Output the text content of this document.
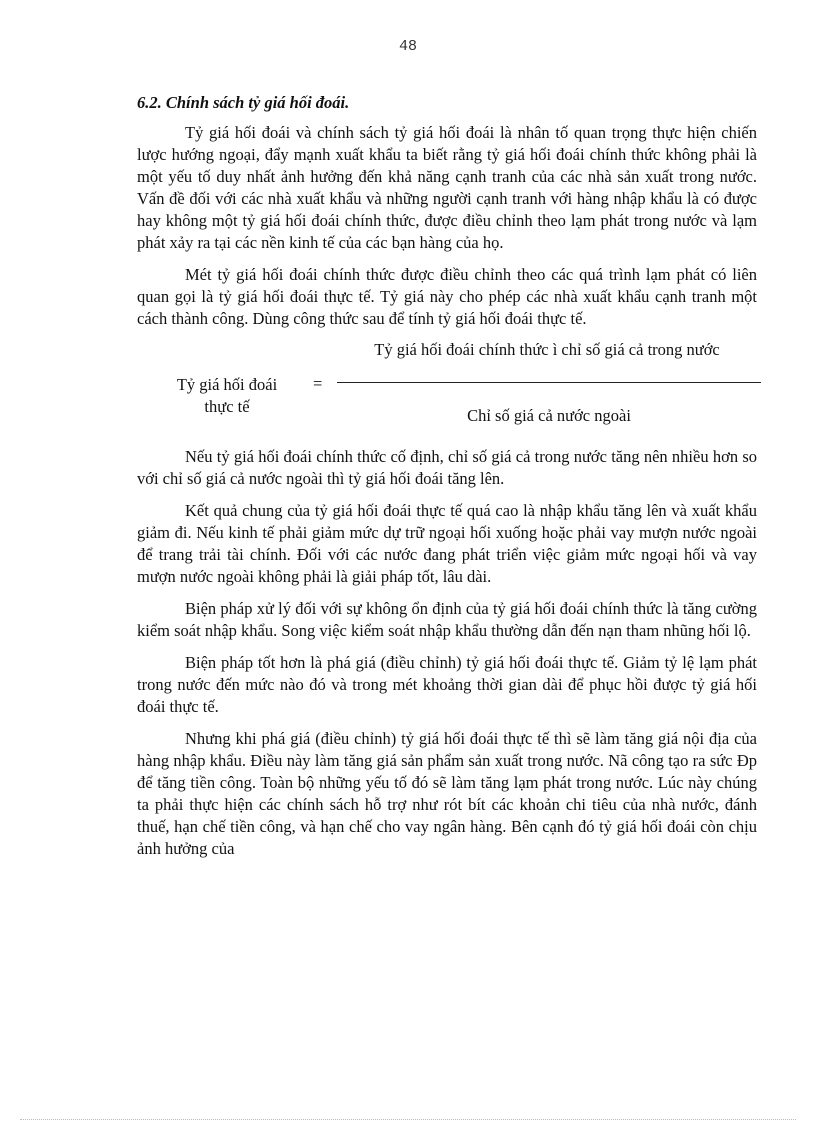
48
6.2. Chính sách tỷ giá hối đoái.

Tỷ giá hối đoái và chính sách tỷ giá hối đoái là nhân tố quan trọng thực hiện chiến lược hướng ngoại, đẩy mạnh xuất khẩu ta biết rằng tỷ giá hối đoái chính thức không phải là một yếu tố duy nhất ảnh hưởng đến khả năng cạnh tranh của các nhà sản xuất trong nước. Vấn đề đối với các nhà xuất khẩu và những người cạnh tranh với hàng nhập khẩu là có được hay không một tỷ giá hối đoái chính thức, được điều chỉnh theo lạm phát trong nước và lạm phát xảy ra tại các nền kinh tế của các bạn hàng của họ.

Mét tỷ giá hối đoái chính thức được điều chỉnh theo các quá trình lạm phát có liên quan gọi là tỷ giá hối đoái thực tế. Tỷ giá này cho phép các nhà xuất khẩu cạnh tranh một cách thành công. Dùng công thức sau để tính tỷ giá hối đoái thực tế.

Tỷ giá hối đoái chính thức ì chỉ số giá cả trong nước
Tỷ giá hối đoái
thực tế
=
Chỉ số giá cả nước ngoài

Nếu tỷ giá hối đoái chính thức cố định, chỉ số giá cả trong nước tăng nên nhiều hơn so với chỉ số giá cả nước ngoài thì tỷ giá hối đoái tăng lên.

Kết quả chung của tỷ giá hối đoái thực tế quá cao là nhập khẩu tăng lên và xuất khẩu giảm đi. Nếu kinh tế phải giảm mức dự trữ ngoại hối xuống hoặc phải vay mượn nước ngoài để trang trải tài chính. Đối với các nước đang phát triển việc giảm mức ngoại hối và vay mượn nước ngoài không phải là giải pháp tốt, lâu dài.

Biện pháp xử lý đối với sự không ổn định của tỷ giá hối đoái chính thức là tăng cường kiểm soát nhập khẩu. Song việc kiểm soát nhập khẩu thường dẫn đến nạn tham nhũng hối lộ.

Biện pháp tốt hơn là phá giá (điều chỉnh) tỷ giá hối đoái thực tế. Giảm tỷ lệ lạm phát trong nước đến mức nào đó và trong mét khoảng thời gian dài để phục hồi được tỷ giá hối đoái thực tế.

Nhưng khi phá giá (điều chỉnh) tỷ giá hối đoái thực tế thì sẽ làm tăng giá nội địa của hàng nhập khẩu. Điều này làm tăng giá sản phẩm sản xuất trong nước. Nã công tạo ra sức Đp để tăng tiền công. Toàn bộ những yếu tố đó sẽ làm tăng lạm phát trong nước. Lúc này chúng ta phải thực hiện các chính sách hỗ trợ như rót bít các khoản chi tiêu của nhà nước, đánh thuế, hạn chế tiền công, và hạn chế cho vay ngân hàng. Bên cạnh đó tỷ giá hối đoái còn chịu ảnh hưởng của
